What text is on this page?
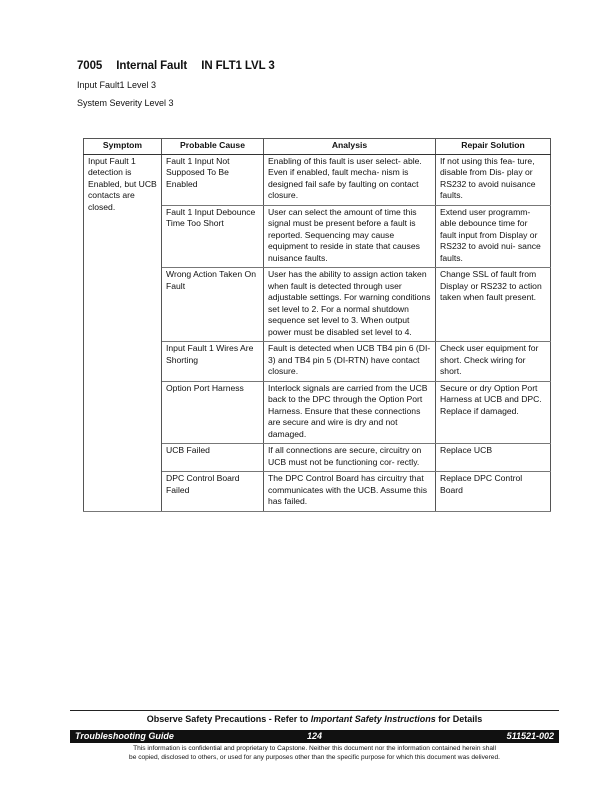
7005 Internal Fault IN FLT1 LVL 3
Input Fault1 Level 3
System Severity Level 3
Symptom	Probable Cause	Analysis	Repair Solution
Input Fault 1 detection is Enabled, but UCB contacts are closed.	Fault 1 Input Not Supposed To Be Enabled	Enabling of this fault is user select- able. Even if enabled, fault mecha- nism is designed fail safe by faulting on contact closure.	If not using this fea- ture, disable from Dis- play or RS232 to avoid nuisance faults.
	Fault 1 Input Debounce Time Too Short	User can select the amount of time this signal must be present before a fault is reported. Sequencing may cause equipment to reside in state that causes nuisance faults.	Extend user programm- able debounce time for fault input from Display or RS232 to avoid nui- sance faults.
	Wrong Action Taken On Fault	User has the ability to assign action taken when fault is detected through user adjustable settings. For warning conditions set level to 2. For a normal shutdown sequence set level to 3. When output power must be disabled set level to 4.	Change SSL of fault from Display or RS232 to action taken when fault present.
	Input Fault 1 Wires Are Shorting	Fault is detected when UCB TB4 pin 6 (DI-3) and TB4 pin 5 (DI-RTN) have contact closure.	Check user equipment for short. Check wiring for short.
	Option Port Harness	Interlock signals are carried from the UCB back to the DPC through the Option Port Harness. Ensure that these connections are secure and wire is dry and not damaged.	Secure or dry Option Port Harness at UCB and DPC. Replace if damaged.
	UCB Failed	If all connections are secure, circuitry on UCB must not be functioning cor- rectly.	Replace UCB
	DPC Control Board Failed	The DPC Control Board has circuitry that communicates with the UCB. Assume this has failed.	Replace DPC Control Board
Observe Safety Precautions - Refer to Important Safety Instructions for Details
Troubleshooting Guide	124	511521-002
This information is confidential and proprietary to Capstone. Neither this document nor the information contained herein shall
be copied, disclosed to others, or used for any purposes other than the specific purpose for which this document was delivered.
